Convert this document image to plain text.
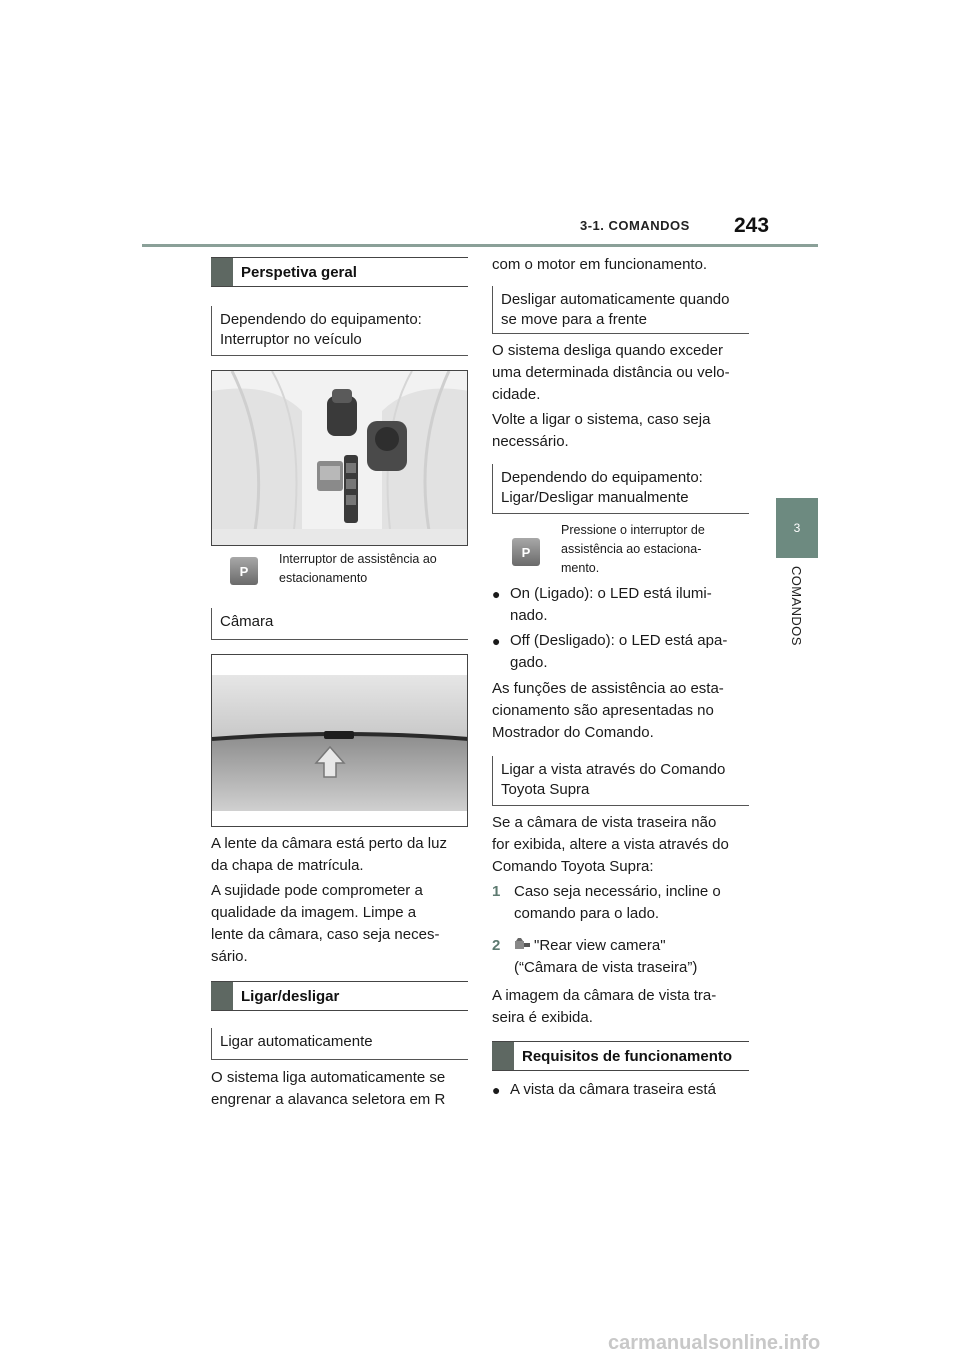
3-1. COMANDOS 243
3
COMANDOS
Perspetiva geral
Dependendo do equipamento:
Interruptor no veículo
P
Interruptor de assistência ao
estacionamento
Câmara
A lente da câmara está perto da luz
da chapa de matrícula.
A sujidade pode comprometer a
qualidade da imagem. Limpe a
lente da câmara, caso seja neces-
sário.
Ligar/desligar
Ligar automaticamente
O sistema liga automaticamente se
engrenar a alavanca seletora em R
com o motor em funcionamento.
Desligar automaticamente quando
se move para a frente
O sistema desliga quando exceder
uma determinada distância ou velo-
cidade.
Volte a ligar o sistema, caso seja
necessário.
Dependendo do equipamento:
Ligar/Desligar manualmente
P
Pressione o interruptor de
assistência ao estaciona-
mento.
● On (Ligado): o LED está ilumi-
nado.
● Off (Desligado): o LED está apa-
gado.
As funções de assistência ao esta-
cionamento são apresentadas no
Mostrador do Comando.
Ligar a vista através do Comando
Toyota Supra
Se a câmara de vista traseira não
for exibida, altere a vista através do
Comando Toyota Supra:
1 Caso seja necessário, incline o
comando para o lado.
2	"Rear view camera"
(“Câmara de vista traseira”)
A imagem da câmara de vista tra-
seira é exibida.
Requisitos de funcionamento
● A vista da câmara traseira está
carmanualsonline.info
